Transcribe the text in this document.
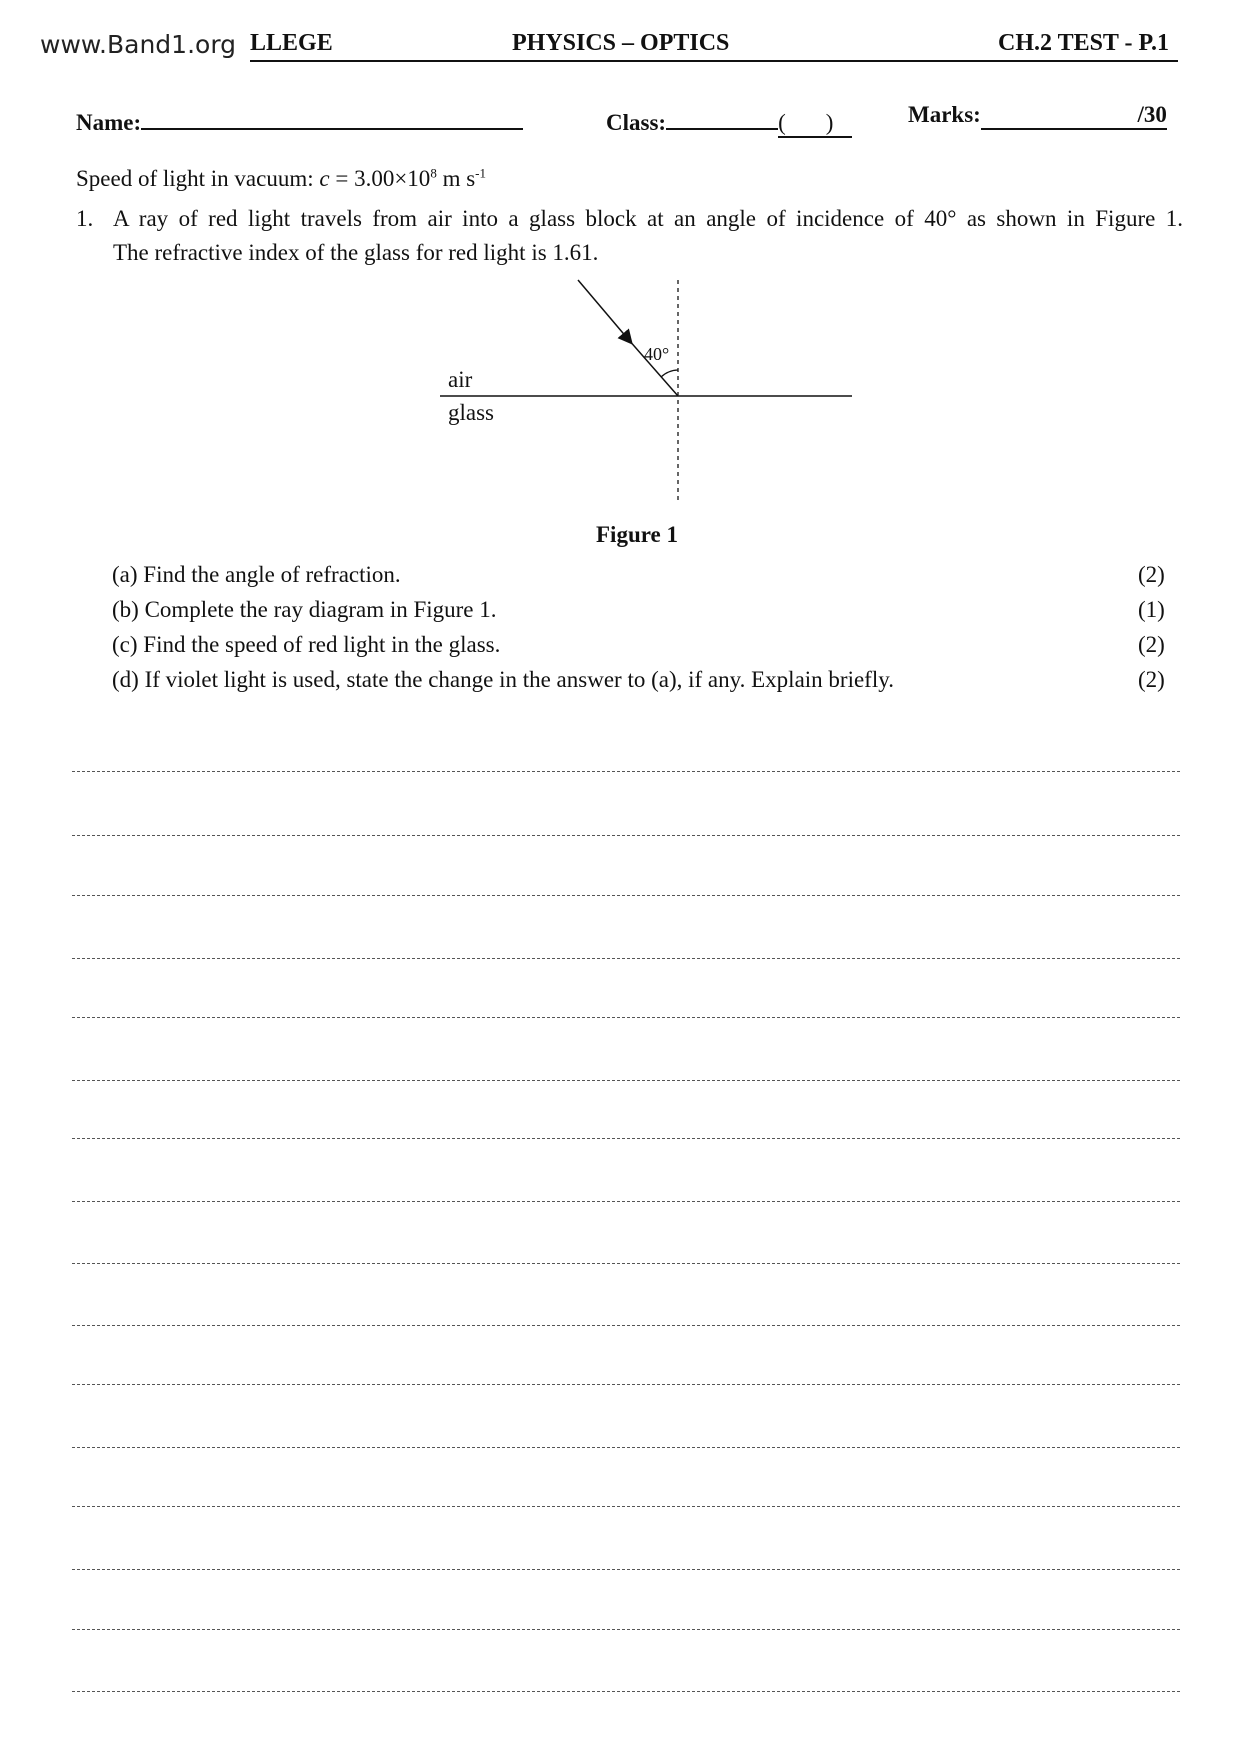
www.Band1.org LLEGE	PHYSICS – OPTICS	CH.2 TEST - P.1
Name:	Class:	( )	Marks:	/30
Speed of light in vacuum: $c = 3.00\times 10^8$ m $s^{-1}$
1. A ray of red light travels from air into a glass block at an angle of incidence of 40° as shown in Figure 1.
The refractive index of the glass for red light is 1.61.
40°
air
glass
Figure 1
(a) Find the angle of refraction.	(2)
(b) Complete the ray diagram in Figure 1.	(1)
(c) Find the speed of red light in the glass.	(2)
(d) If violet light is used, state the change in the answer to (a), if any. Explain briefly.	(2)
